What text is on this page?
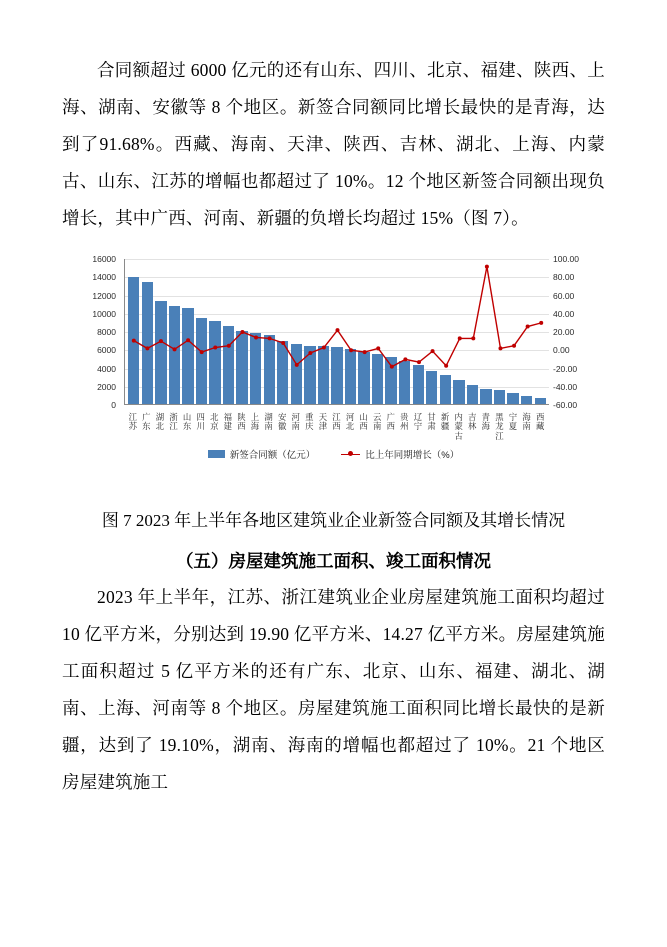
合同额超过 6000 亿元的还有山东、四川、北京、福建、陕西、上海、湖南、安徽等 8 个地区。新签合同额同比增长最快的是青海，达到了91.68%。西藏、海南、天津、陕西、吉林、湖北、上海、内蒙古、山东、江苏的增幅也都超过了 10%。12 个地区新签合同额出现负增长，其中广西、河南、新疆的负增长均超过 15%（图 7）。

0
2000
4000
6000
8000
10000
12000
14000
16000
-60.00
-40.00
-20.00
0.00
20.00
40.00
60.00
80.00
100.00
江苏
广东
湖北
浙江
山东
四川
北京
福建
陕西
上海
湖南
安徽
河南
重庆
天津
江西
河北
山西
云南
广西
贵州
辽宁
甘肃
新疆
内蒙古
吉林
青海
黑龙江
宁夏
海南
西藏
新签合同额（亿元）	比上年同期增长（%）

图 7 2023 年上半年各地区建筑业企业新签合同额及其增长情况

（五）房屋建筑施工面积、竣工面积情况

2023 年上半年，江苏、浙江建筑业企业房屋建筑施工面积均超过 10 亿平方米，分别达到 19.90 亿平方米、14.27 亿平方米。房屋建筑施工面积超过 5 亿平方米的还有广东、北京、山东、福建、湖北、湖南、上海、河南等 8 个地区。房屋建筑施工面积同比增长最快的是新疆，达到了 19.10%，湖南、海南的增幅也都超过了 10%。21 个地区房屋建筑施工
